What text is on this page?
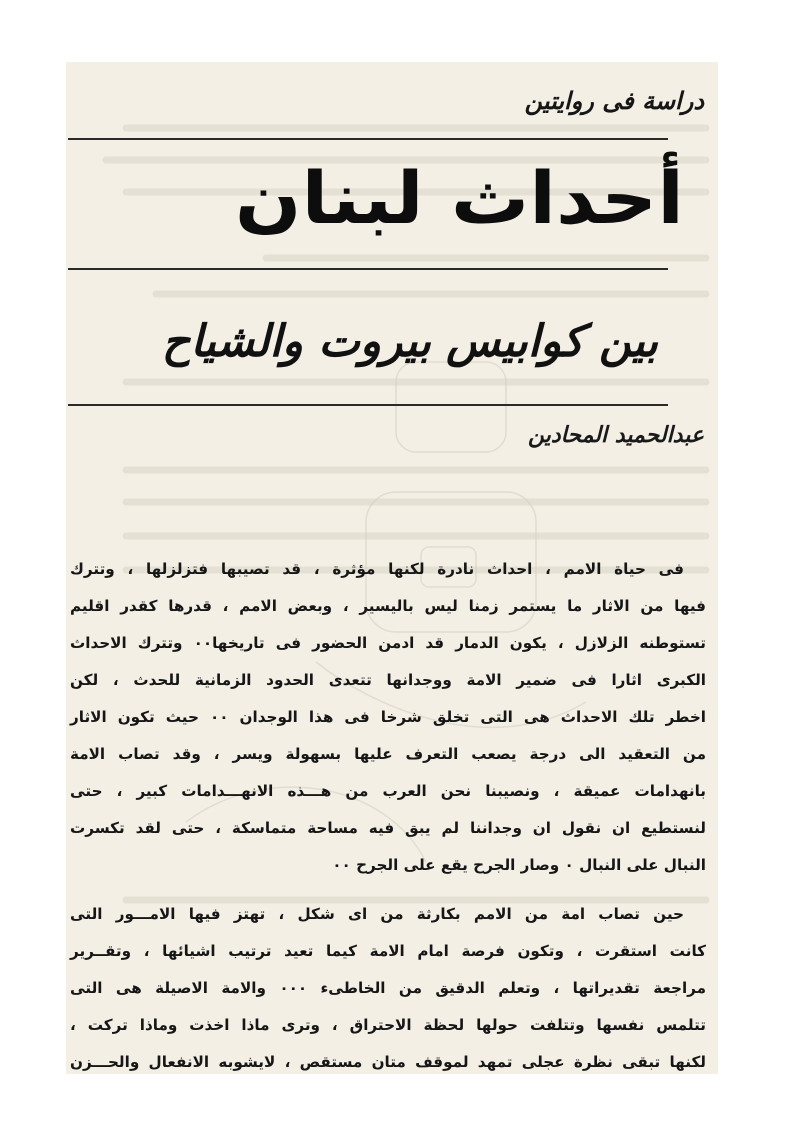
دراسة فى روايتين
أحداث لبنان
بين كوابيس بيروت والشياح
عبدالحميد المحادين
فى حياة الامم ، احداث نادرة لكنها مؤثرة ، قد تصيبها فتزلزلها ، وتترك
فيها من الاثار ما يستمر زمنا ليس باليسير ، وبعض الامم ، قدرها كقدر اقليم
تستوطنه الزلازل ، يكون الدمار قد ادمن الحضور فى تاريخها٠٠ وتترك الاحداث
الكبرى اثارا فى ضمير الامة ووجدانها تتعدى الحدود الزمانية للحدث ، لكن
اخطر تلك الاحداث هى التى تخلق شرخا فى هذا الوجدان ٠٠ حيث تكون الاثار
من التعقيد الى درجة يصعب التعرف عليها بسهولة ويسر ، وقد تصاب الامة
بانهدامات عميقة ، ونصيبنا نحن العرب من هـــذه الانهـــدامات كبير ، حتى
لنستطيع ان نقول ان وجداننا لم يبق فيه مساحة متماسكة ، حتى لقد تكسرت
النبال على النبال ٠ وصار الجرح يقع على الجرح ٠٠
حين تصاب امة من الامم بكارثة من اى شكل ، تهتز فيها الامـــور التى
كانت استقرت ، وتكون فرصة امام الامة كيما تعيد ترتيب اشيائها ، وتقــرير
مراجعة تقديراتها ، وتعلم الدقيق من الخاطىء ٠٠٠ والامة الاصيلة هى التى
تتلمس نفسها وتتلفت حولها لحظة الاحتراق ، وترى ماذا اخذت وماذا تركت ،
لكنها تبقى نظرة عجلى تمهد لموقف متان مستقص ، لايشوبه الانفعال والحـــزن
